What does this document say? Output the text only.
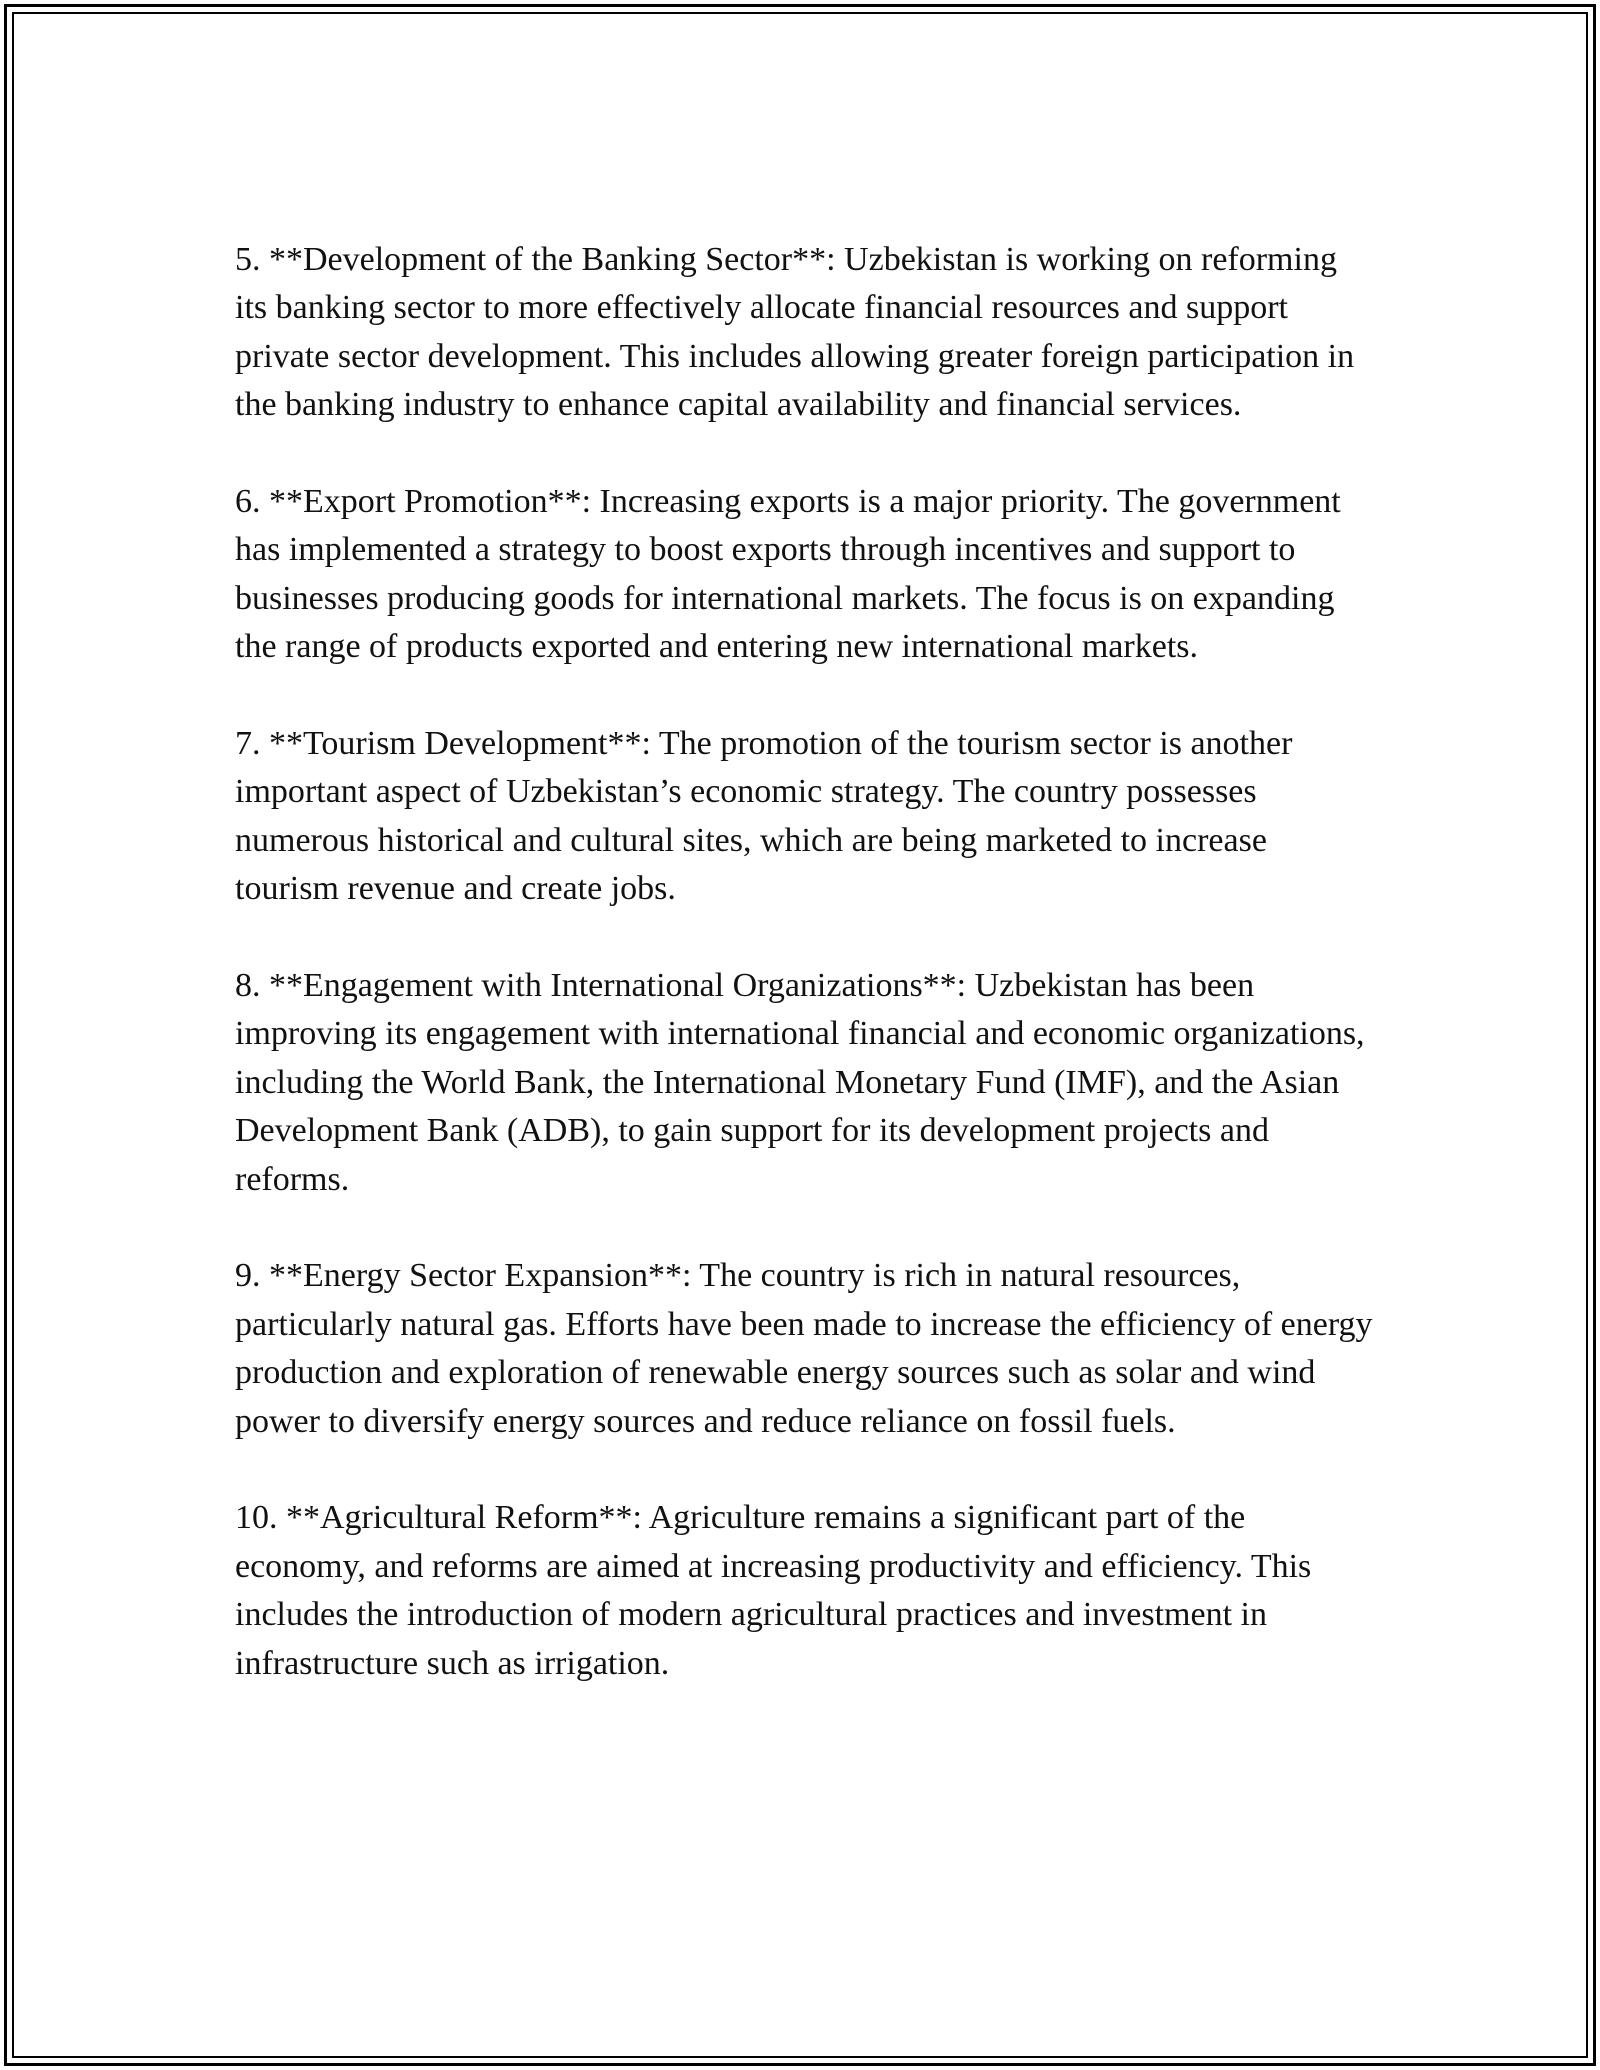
5. **Development of the Banking Sector**: Uzbekistan is working on reforming its banking sector to more effectively allocate financial resources and support private sector development. This includes allowing greater foreign participation in the banking industry to enhance capital availability and financial services.

6. **Export Promotion**: Increasing exports is a major priority. The government has implemented a strategy to boost exports through incentives and support to businesses producing goods for international markets. The focus is on expanding the range of products exported and entering new international markets.

7. **Tourism Development**: The promotion of the tourism sector is another important aspect of Uzbekistan’s economic strategy. The country possesses numerous historical and cultural sites, which are being marketed to increase tourism revenue and create jobs.

8. **Engagement with International Organizations**: Uzbekistan has been improving its engagement with international financial and economic organizations, including the World Bank, the International Monetary Fund (IMF), and the Asian Development Bank (ADB), to gain support for its development projects and reforms.

9. **Energy Sector Expansion**: The country is rich in natural resources, particularly natural gas. Efforts have been made to increase the efficiency of energy production and exploration of renewable energy sources such as solar and wind power to diversify energy sources and reduce reliance on fossil fuels.

10. **Agricultural Reform**: Agriculture remains a significant part of the economy, and reforms are aimed at increasing productivity and efficiency. This includes the introduction of modern agricultural practices and investment in infrastructure such as irrigation.
